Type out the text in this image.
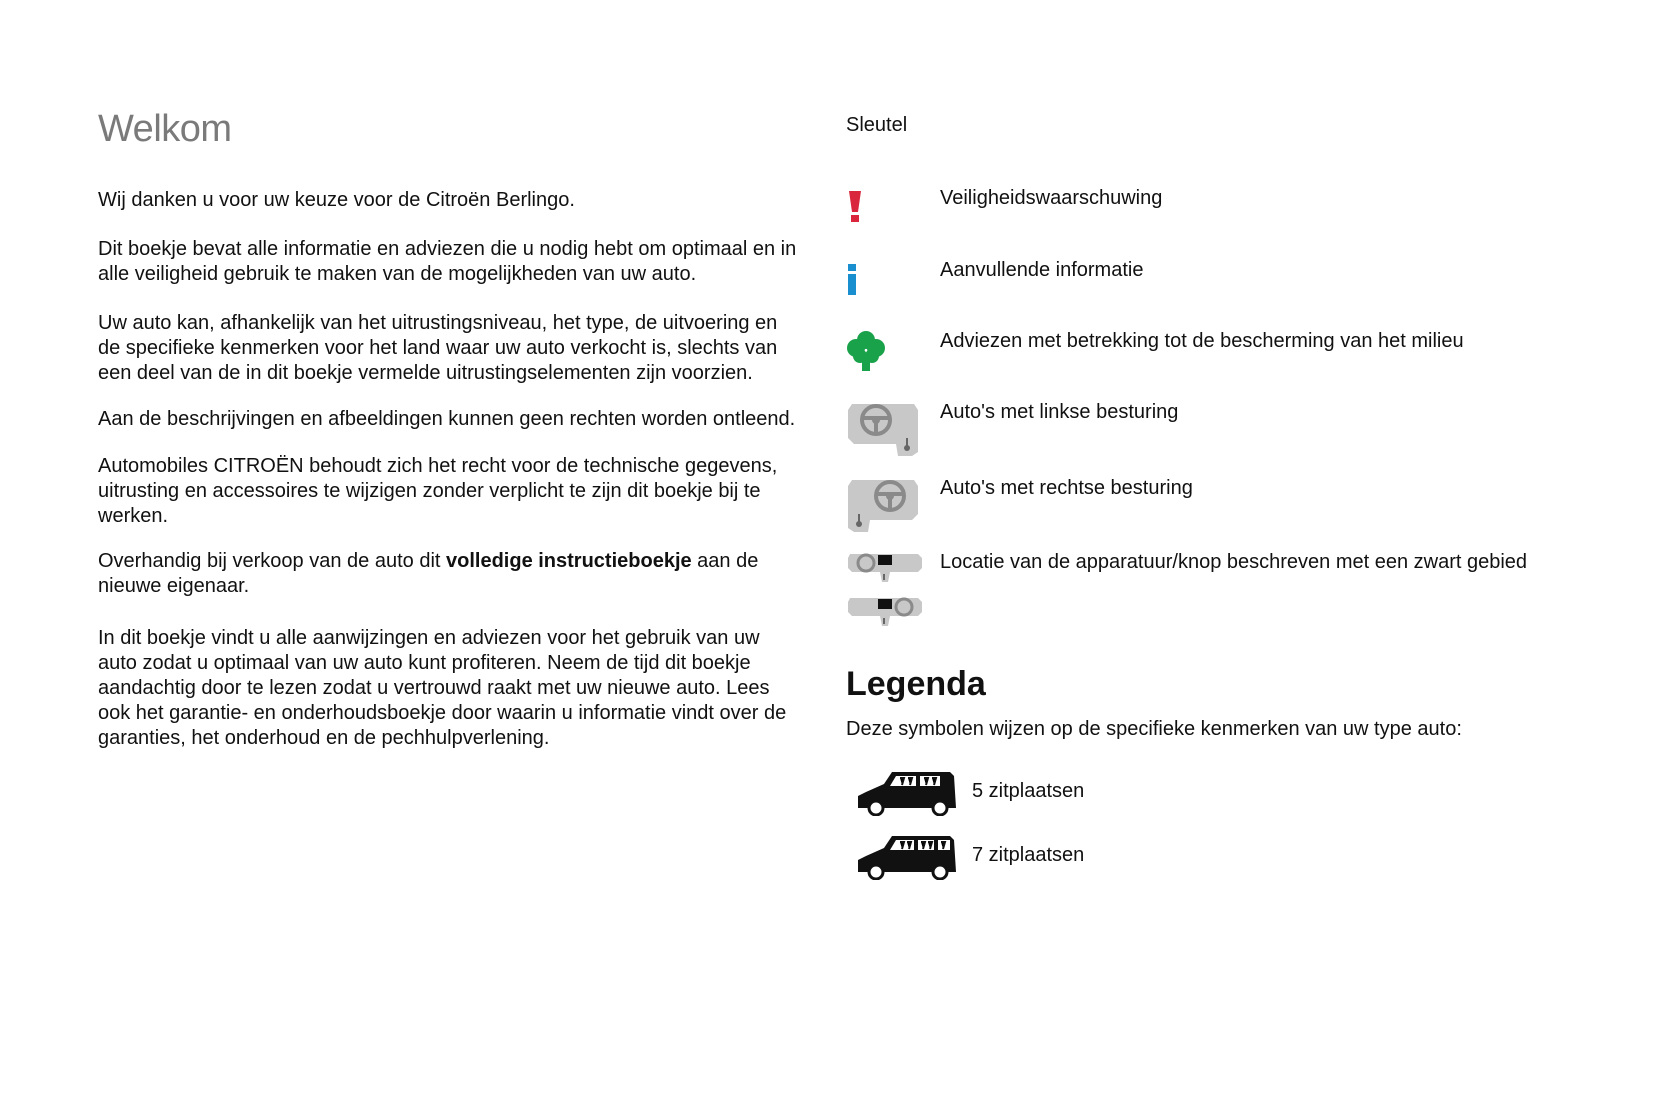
Welkom

Wij danken u voor uw keuze voor de Citroën Berlingo.

Dit boekje bevat alle informatie en adviezen die u nodig hebt om optimaal en in alle veiligheid gebruik te maken van de mogelijkheden van uw auto.

Uw auto kan, afhankelijk van het uitrustingsniveau, het type, de uitvoering en de specifieke kenmerken voor het land waar uw auto verkocht is, slechts van een deel van de in dit boekje vermelde uitrustingselementen zijn voorzien.

Aan de beschrijvingen en afbeeldingen kunnen geen rechten worden ontleend.

Automobiles CITROËN behoudt zich het recht voor de technische gegevens, uitrusting en accessoires te wijzigen zonder verplicht te zijn dit boekje bij te werken.

Overhandig bij verkoop van de auto dit volledige instructieboekje aan de nieuwe eigenaar.

In dit boekje vindt u alle aanwijzingen en adviezen voor het gebruik van uw auto zodat u optimaal van uw auto kunt profiteren. Neem de tijd dit boekje aandachtig door te lezen zodat u vertrouwd raakt met uw nieuwe auto. Lees ook het garantie- en onderhoudsboekje door waarin u informatie vindt over de garanties, het onderhoud en de pechhulpverlening.

Sleutel
Veiligheidswaarschuwing
Aanvullende informatie
Adviezen met betrekking tot de bescherming van het milieu
Auto's met linkse besturing
Auto's met rechtse besturing
Locatie van de apparatuur/knop beschreven met een zwart gebied
Legenda
Deze symbolen wijzen op de specifieke kenmerken van uw type auto:
5 zitplaatsen
7 zitplaatsen
